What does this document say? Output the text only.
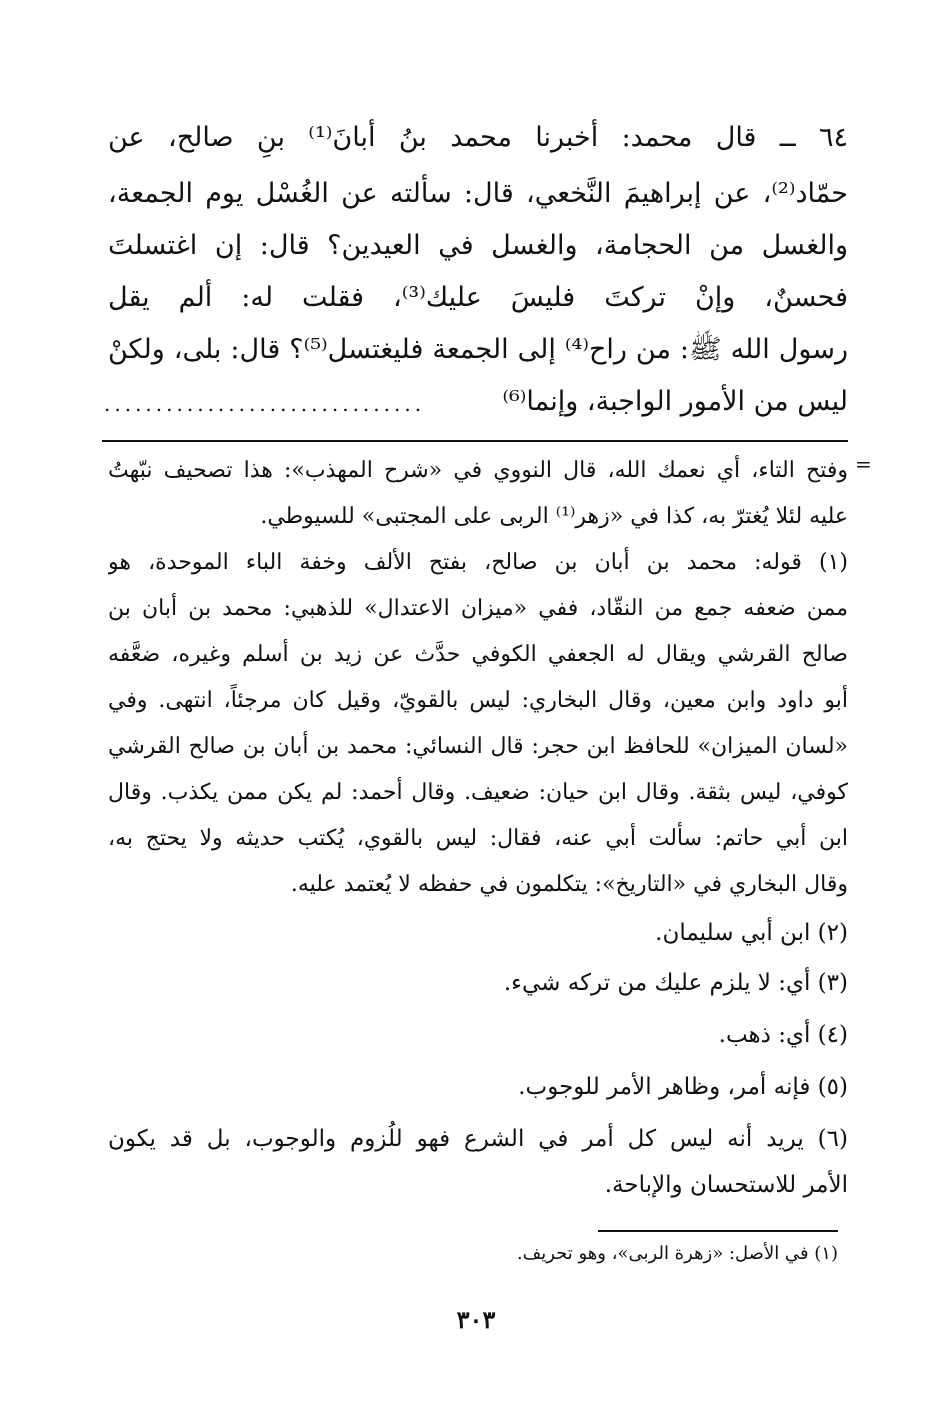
٦٤ ــ قال محمد: أخبرنا محمد بنُ أبانَ⁽¹⁾ بنِ صالح، عن
حمّاد⁽²⁾، عن إبراهيمَ النَّخعي، قال: سألته عن الغُسْل يوم الجمعة،
والغسل من الحجامة، والغسل في العيدين؟ قال: إن اغتسلتَ
فحسنٌ، وإنْ تركتَ فليسَ عليك⁽³⁾، فقلت له: ألم يقل
رسول الله ﷺ: من راح⁽⁴⁾ إلى الجمعة فليغتسل⁽⁵⁾؟ قال: بلى، ولكنْ
ليس من الأمور الواجبة، وإنما⁽⁶⁾
...............................
=
وفتح التاء، أي نعمك الله، قال النووي في «شرح المهذب»: هذا تصحيف نبّهتُ
عليه لئلا يُغترّ به، كذا في «زهر⁽¹⁾ الربى على المجتبى» للسيوطي.
(١) قوله: محمد بن أبان بن صالح، بفتح الألف وخفة الباء الموحدة، هو
ممن ضعفه جمع من النقّاد، ففي «ميزان الاعتدال» للذهبي: محمد بن أبان بن
صالح القرشي ويقال له الجعفي الكوفي حدَّث عن زيد بن أسلم وغيره، ضعَّفه
أبو داود وابن معين، وقال البخاري: ليس بالقويّ، وقيل كان مرجئاً، انتهى. وفي
«لسان الميزان» للحافظ ابن حجر: قال النسائي: محمد بن أبان بن صالح القرشي
كوفي، ليس بثقة. وقال ابن حيان: ضعيف. وقال أحمد: لم يكن ممن يكذب. وقال
ابن أبي حاتم: سألت أبي عنه، فقال: ليس بالقوي، يُكتب حديثه ولا يحتج به،
وقال البخاري في «التاريخ»: يتكلمون في حفظه لا يُعتمد عليه.
(٢) ابن أبي سليمان.
(٣) أي: لا يلزم عليك من تركه شيء.
(٤) أي: ذهب.
(٥) فإنه أمر، وظاهر الأمر للوجوب.
(٦) يريد أنه ليس كل أمر في الشرع فهو للُزوم والوجوب، بل قد يكون
الأمر للاستحسان والإباحة.
(١) في الأصل: «زهرة الربى»، وهو تحريف.
٣٠٣
